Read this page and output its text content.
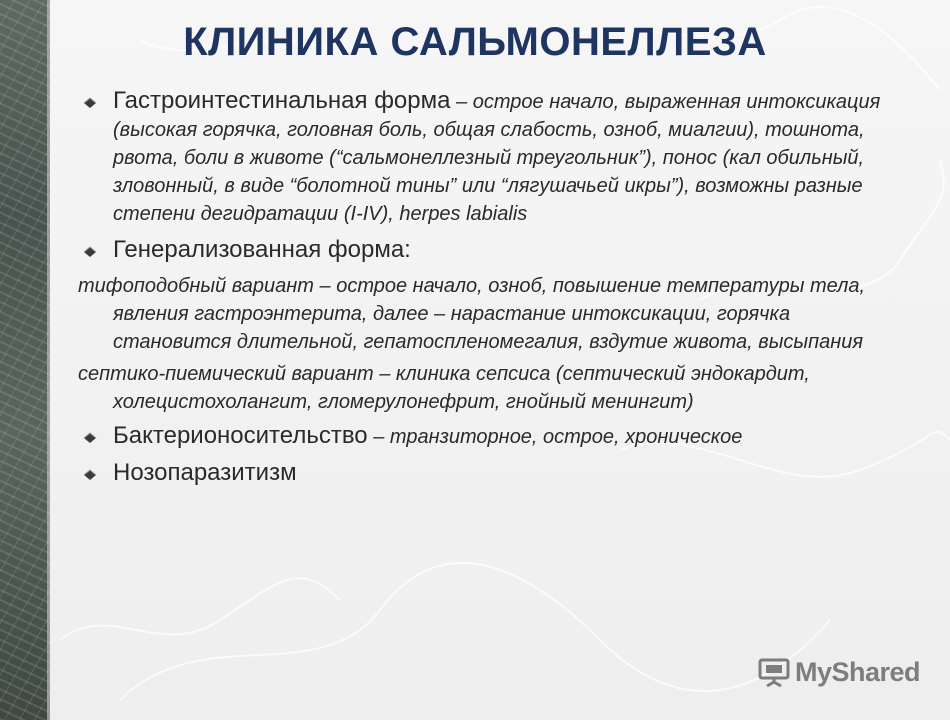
КЛИНИКА САЛЬМОНЕЛЛЕЗА
Гастроинтестинальная форма – острое начало, выраженная интоксикация (высокая горячка, головная боль, общая слабость, озноб, миалгии), тошнота, рвота, боли в животе (“сальмонеллезный треугольник”), понос (кал обильный, зловонный, в виде “болотной тины” или “лягушачьей икры”), возможны разные степени дегидратации (I-IV), herpes labialis
Генерализованная форма:
тифоподобный вариант – острое начало, озноб, повышение температуры тела, явления гастроэнтерита, далее – нарастание интоксикации, горячка становится длительной, гепатоспленомегалия, вздутие живота, высыпания
септико-пиемический вариант – клиника сепсиса (септический эндокардит, холецистохолангит, гломерулонефрит, гнойный менингит)
Бактерионосительство – транзиторное, острое, хроническое
Нозопаразитизм
MyShared
